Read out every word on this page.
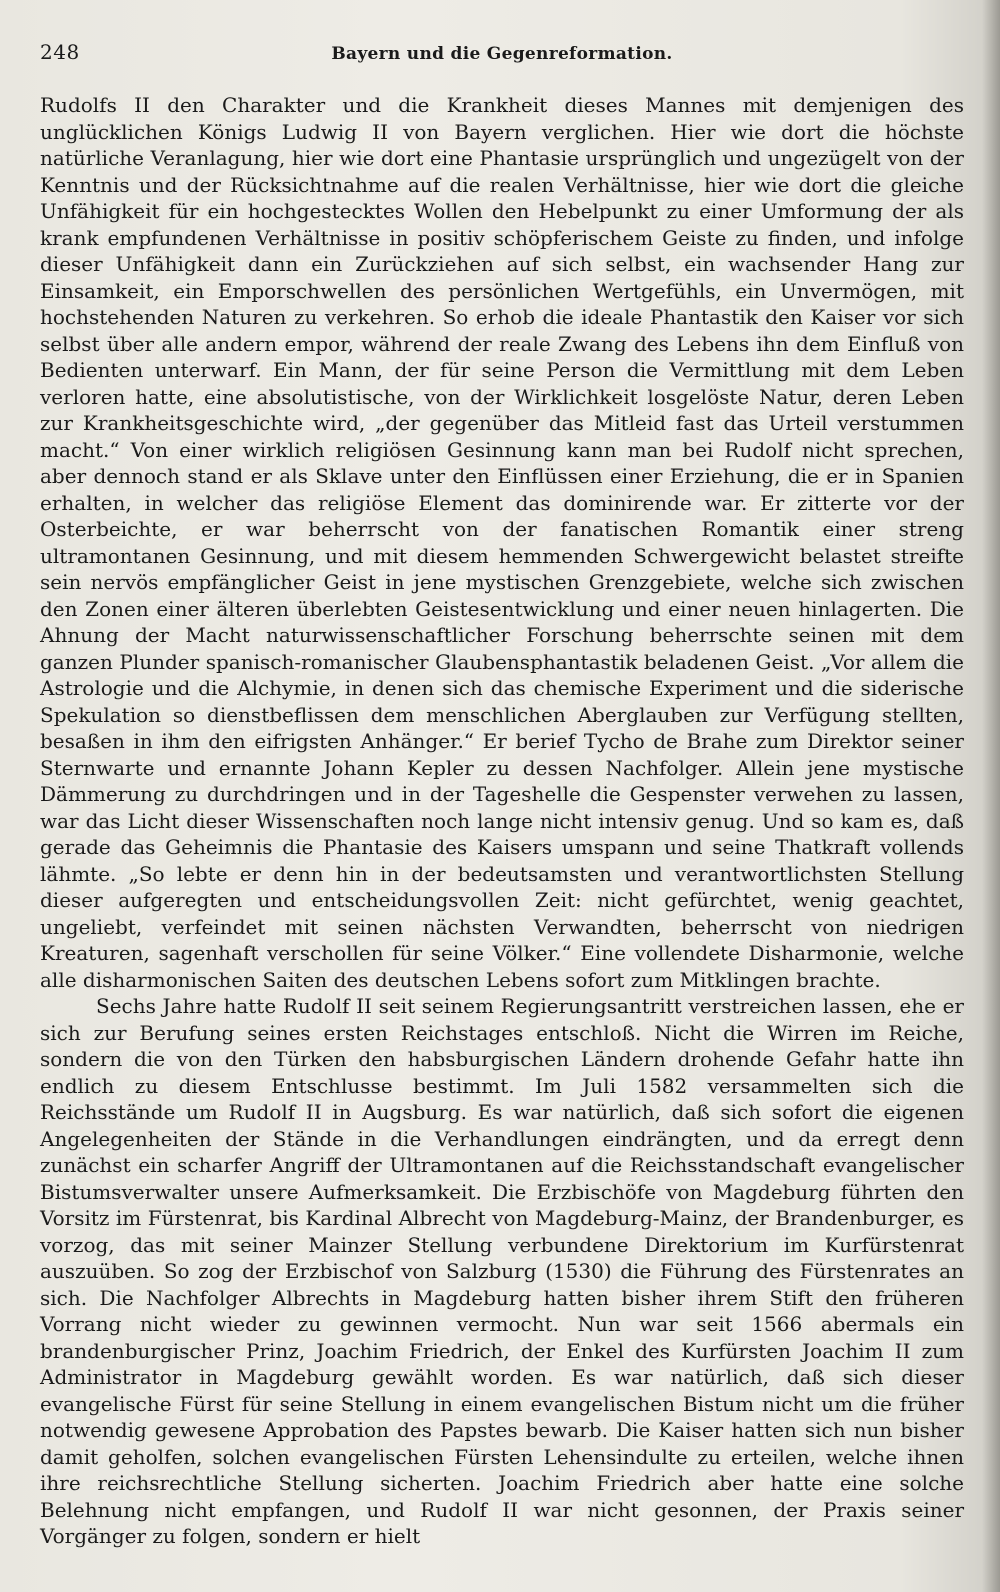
248	Bayern und die Gegenreformation.

Rudolfs II den Charakter und die Krankheit dieses Mannes mit demjenigen des unglücklichen Königs Ludwig II von Bayern verglichen. Hier wie dort die höchste natürliche Veranlagung, hier wie dort eine Phantasie ursprünglich und ungezügelt von der Kenntnis und der Rücksichtnahme auf die realen Verhältnisse, hier wie dort die gleiche Unfähigkeit für ein hochgestecktes Wollen den Hebelpunkt zu einer Umformung der als krank empfundenen Verhältnisse in positiv schöpferischem Geiste zu finden, und infolge dieser Unfähigkeit dann ein Zurückziehen auf sich selbst, ein wachsender Hang zur Einsamkeit, ein Emporschwellen des persönlichen Wertgefühls, ein Unvermögen, mit hochstehenden Naturen zu verkehren. So erhob die ideale Phantastik den Kaiser vor sich selbst über alle andern empor, während der reale Zwang des Lebens ihn dem Einfluß von Bedienten unterwarf. Ein Mann, der für seine Person die Vermittlung mit dem Leben verloren hatte, eine absolutistische, von der Wirklichkeit losgelöste Natur, deren Leben zur Krankheitsgeschichte wird, „der gegenüber das Mitleid fast das Urteil verstummen macht.“ Von einer wirklich religiösen Gesinnung kann man bei Rudolf nicht sprechen, aber dennoch stand er als Sklave unter den Einflüssen einer Erziehung, die er in Spanien erhalten, in welcher das religiöse Element das dominirende war. Er zitterte vor der Osterbeichte, er war beherrscht von der fanatischen Romantik einer streng ultramontanen Gesinnung, und mit diesem hemmenden Schwergewicht belastet streifte sein nervös empfänglicher Geist in jene mystischen Grenzgebiete, welche sich zwischen den Zonen einer älteren überlebten Geistesentwicklung und einer neuen hinlagerten. Die Ahnung der Macht naturwissenschaftlicher Forschung beherrschte seinen mit dem ganzen Plunder spanisch-romanischer Glaubensphantastik beladenen Geist. „Vor allem die Astrologie und die Alchymie, in denen sich das chemische Experiment und die siderische Spekulation so dienstbeflissen dem menschlichen Aberglauben zur Verfügung stellten, besaßen in ihm den eifrigsten Anhänger.“ Er berief Tycho de Brahe zum Direktor seiner Sternwarte und ernannte Johann Kepler zu dessen Nachfolger. Allein jene mystische Dämmerung zu durchdringen und in der Tageshelle die Gespenster verwehen zu lassen, war das Licht dieser Wissenschaften noch lange nicht intensiv genug. Und so kam es, daß gerade das Geheimnis die Phantasie des Kaisers umspann und seine Thatkraft vollends lähmte. „So lebte er denn hin in der bedeutsamsten und verantwortlichsten Stellung dieser aufgeregten und entscheidungsvollen Zeit: nicht gefürchtet, wenig geachtet, ungeliebt, verfeindet mit seinen nächsten Verwandten, beherrscht von niedrigen Kreaturen, sagenhaft verschollen für seine Völker.“ Eine vollendete Disharmonie, welche alle disharmonischen Saiten des deutschen Lebens sofort zum Mitklingen brachte.

Sechs Jahre hatte Rudolf II seit seinem Regierungsantritt verstreichen lassen, ehe er sich zur Berufung seines ersten Reichstages entschloß. Nicht die Wirren im Reiche, sondern die von den Türken den habsburgischen Ländern drohende Gefahr hatte ihn endlich zu diesem Entschlusse bestimmt. Im Juli 1582 versammelten sich die Reichsstände um Rudolf II in Augsburg. Es war natürlich, daß sich sofort die eigenen Angelegenheiten der Stände in die Verhandlungen eindrängten, und da erregt denn zunächst ein scharfer Angriff der Ultramontanen auf die Reichsstandschaft evangelischer Bistumsverwalter unsere Aufmerksamkeit. Die Erzbischöfe von Magdeburg führten den Vorsitz im Fürstenrat, bis Kardinal Albrecht von Magdeburg-Mainz, der Brandenburger, es vorzog, das mit seiner Mainzer Stellung verbundene Direktorium im Kurfürstenrat auszuüben. So zog der Erzbischof von Salzburg (1530) die Führung des Fürstenrates an sich. Die Nachfolger Albrechts in Magdeburg hatten bisher ihrem Stift den früheren Vorrang nicht wieder zu gewinnen vermocht. Nun war seit 1566 abermals ein brandenburgischer Prinz, Joachim Friedrich, der Enkel des Kurfürsten Joachim II zum Administrator in Magdeburg gewählt worden. Es war natürlich, daß sich dieser evangelische Fürst für seine Stellung in einem evangelischen Bistum nicht um die früher notwendig gewesene Approbation des Papstes bewarb. Die Kaiser hatten sich nun bisher damit geholfen, solchen evangelischen Fürsten Lehensindulte zu erteilen, welche ihnen ihre reichsrechtliche Stellung sicherten. Joachim Friedrich aber hatte eine solche Belehnung nicht empfangen, und Rudolf II war nicht gesonnen, der Praxis seiner Vorgänger zu folgen, sondern er hielt
